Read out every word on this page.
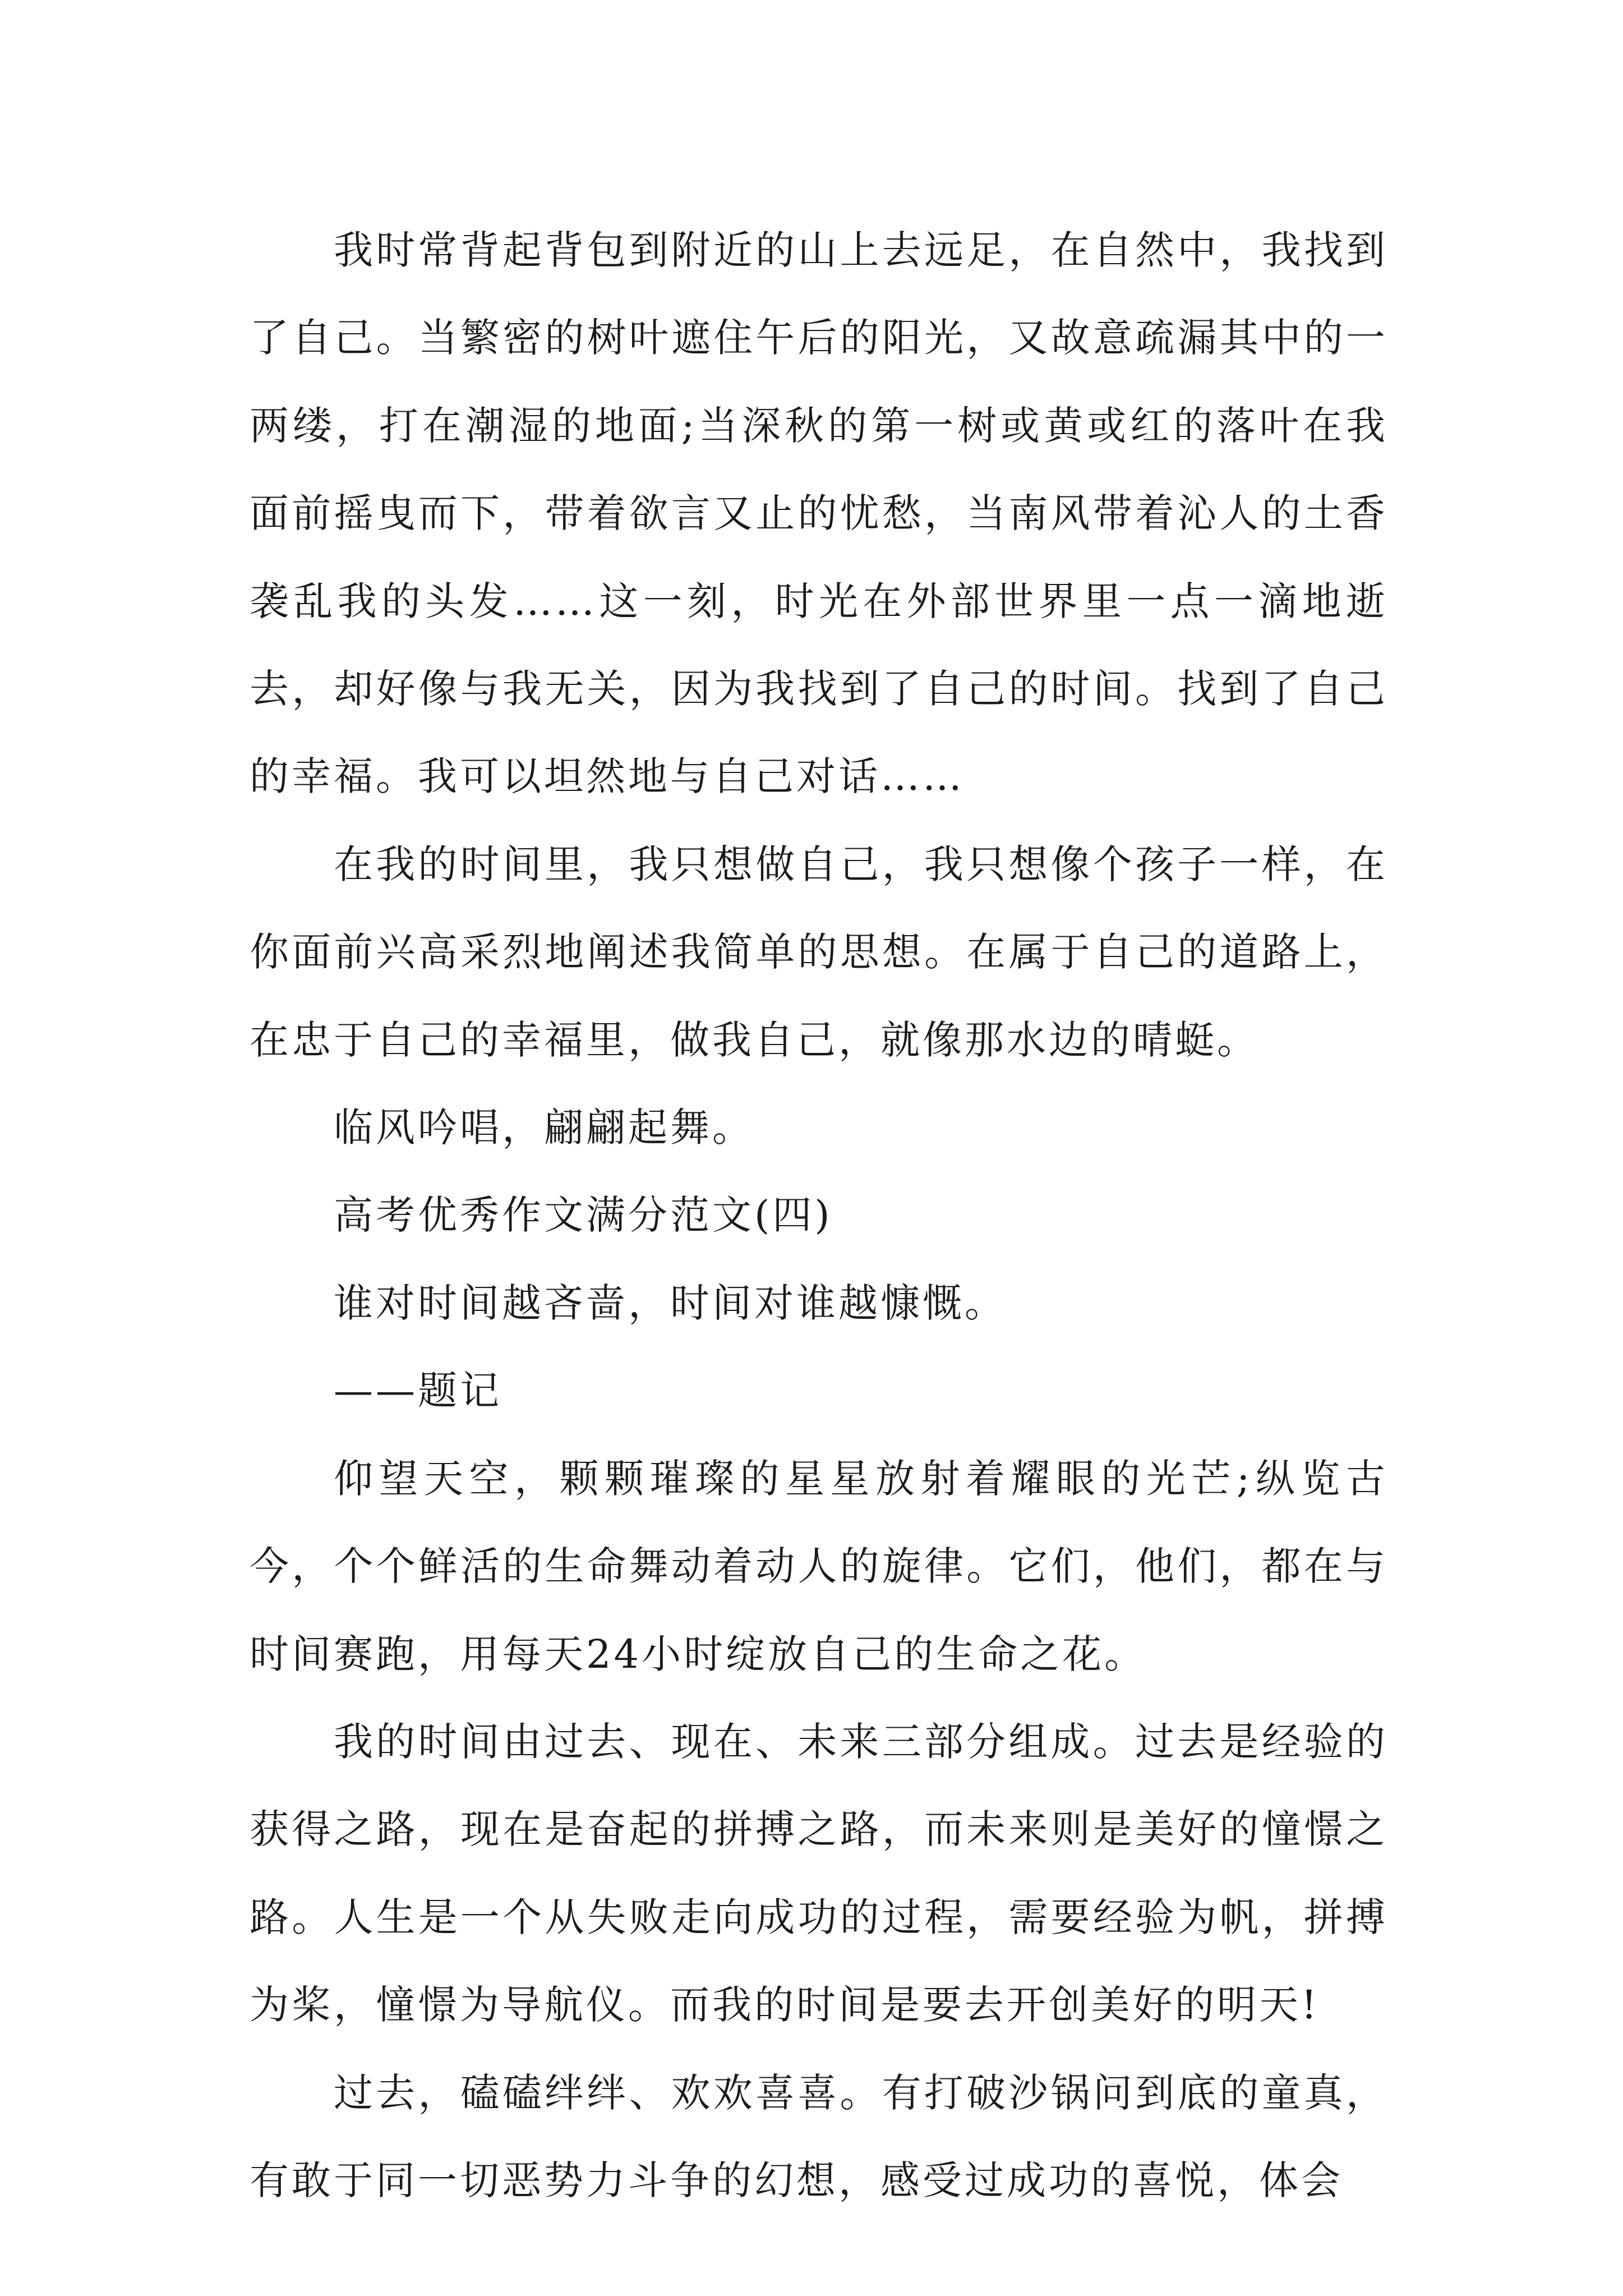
我时常背起背包到附近的山上去远足，在自然中，我找到了自己。当繁密的树叶遮住午后的阳光，又故意疏漏其中的一两缕，打在潮湿的地面;当深秋的第一树或黄或红的落叶在我面前摇曳而下，带着欲言又止的忧愁，当南风带着沁人的土香袭乱我的头发……这一刻，时光在外部世界里一点一滴地逝去，却好像与我无关，因为我找到了自己的时间。找到了自己的幸福。我可以坦然地与自己对话……

在我的时间里，我只想做自己，我只想像个孩子一样，在你面前兴高采烈地阐述我简单的思想。在属于自己的道路上，在忠于自己的幸福里，做我自己，就像那水边的晴蜓。

临风吟唱，翩翩起舞。

高考优秀作文满分范文(四)

谁对时间越吝啬，时间对谁越慷慨。

——题记

仰望天空，颗颗璀璨的星星放射着耀眼的光芒;纵览古今，个个鲜活的生命舞动着动人的旋律。它们，他们，都在与时间赛跑，用每天24小时绽放自己的生命之花。

我的时间由过去、现在、未来三部分组成。过去是经验的获得之路，现在是奋起的拼搏之路，而未来则是美好的憧憬之路。人生是一个从失败走向成功的过程，需要经验为帆，拼搏为桨，憧憬为导航仪。而我的时间是要去开创美好的明天!

过去，磕磕绊绊、欢欢喜喜。有打破沙锅问到底的童真，有敢于同一切恶势力斗争的幻想，感受过成功的喜悦，体会
